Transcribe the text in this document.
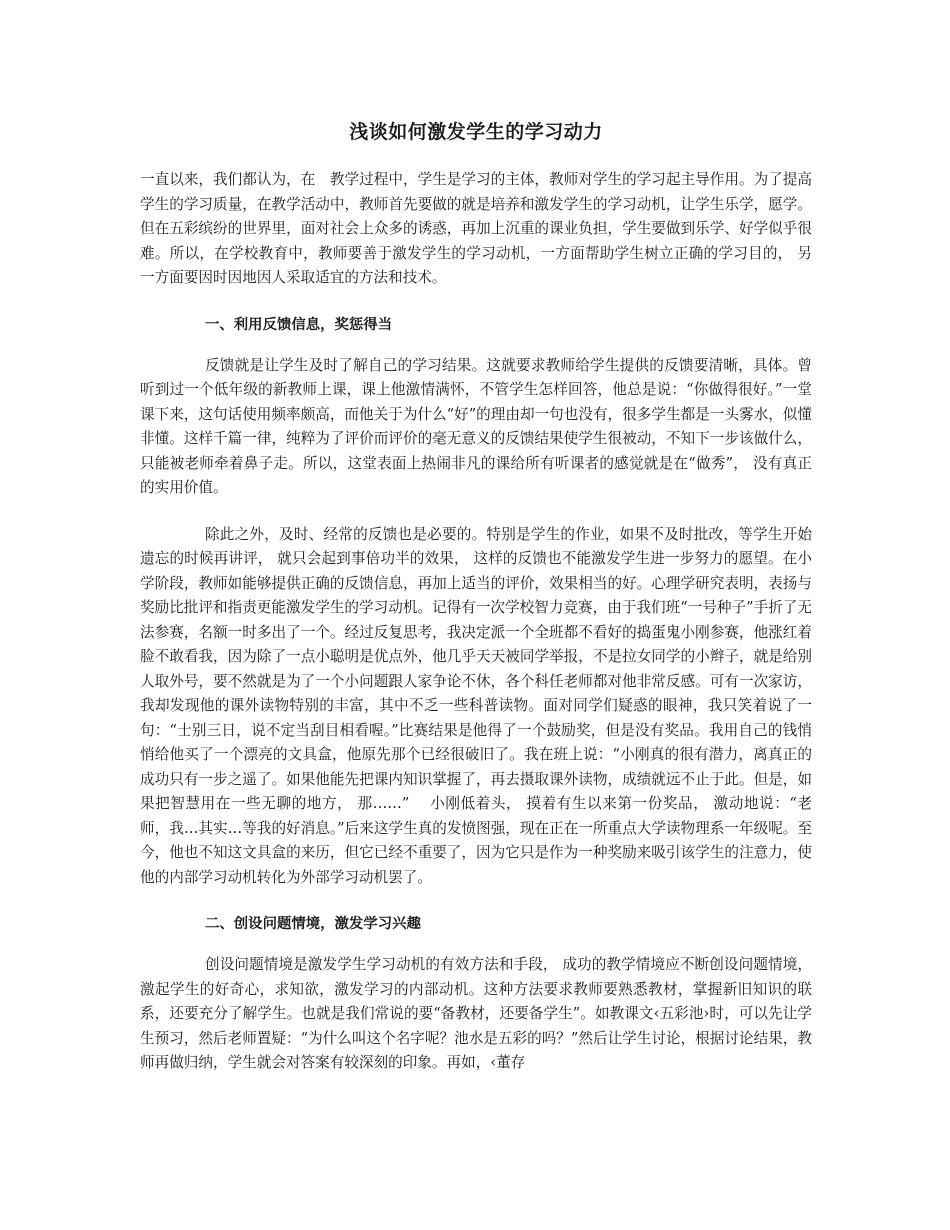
浅谈如何激发学生的学习动力

一直以来，我们都认为，在　教学过程中，学生是学习的主体，教师对学生的学习起主导作用。为了提高学生的学习质量，在教学活动中，教师首先要做的就是培养和激发学生的学习动机，让学生乐学，愿学。但在五彩缤纷的世界里，面对社会上众多的诱惑，再加上沉重的课业负担，学生要做到乐学、好学似乎很难。所以，在学校教育中，教师要善于激发学生的学习动机，一方面帮助学生树立正确的学习目的， 另一方面要因时因地因人采取适宜的方法和技术。

一、利用反馈信息，奖惩得当

反馈就是让学生及时了解自己的学习结果。这就要求教师给学生提供的反馈要清晰，具体。曾听到过一个低年级的新教师上课，课上他激情满怀，不管学生怎样回答，他总是说：“你做得很好。”一堂课下来，这句话使用频率颇高，而他关于为什么“好”的理由却一句也没有，很多学生都是一头雾水，似懂非懂。这样千篇一律，纯粹为了评价而评价的毫无意义的反馈结果使学生很被动，不知下一步该做什么，只能被老师牵着鼻子走。所以，这堂表面上热闹非凡的课给所有听课者的感觉就是在“做秀”， 没有真正的实用价值。

除此之外，及时、经常的反馈也是必要的。特别是学生的作业，如果不及时批改，等学生开始遗忘的时候再讲评， 就只会起到事倍功半的效果， 这样的反馈也不能激发学生进一步努力的愿望。在小学阶段，教师如能够提供正确的反馈信息，再加上适当的评价，效果相当的好。心理学研究表明，表扬与奖励比批评和指责更能激发学生的学习动机。记得有一次学校智力竞赛，由于我们班“一号种子”手折了无法参赛，名额一时多出了一个。经过反复思考，我决定派一个全班都不看好的捣蛋鬼小刚参赛，他涨红着脸不敢看我，因为除了一点小聪明是优点外，他几乎天天被同学举报，不是拉女同学的小辫子，就是给别人取外号，要不然就是为了一个小问题跟人家争论不休，各个科任老师都对他非常反感。可有一次家访，我却发现他的课外读物特别的丰富，其中不乏一些科普读物。面对同学们疑惑的眼神，我只笑着说了一句：“士别三日，说不定当刮目相看喔。”比赛结果是他得了一个鼓励奖，但是没有奖品。我用自己的钱悄悄给他买了一个漂亮的文具盒，他原先那个已经很破旧了。我在班上说：“小刚真的很有潜力，离真正的成功只有一步之遥了。如果他能先把课内知识掌握了，再去摄取课外读物，成绩就远不止于此。但是，如果把智慧用在一些无聊的地方， 那……”　 小刚低着头， 摸着有生以来第一份奖品， 激动地说：“老师，我…其实…等我的好消息。”后来这学生真的发愤图强，现在正在一所重点大学读物理系一年级呢。至今，他也不知这文具盒的来历，但它已经不重要了，因为它只是作为一种奖励来吸引该学生的注意力，使他的内部学习动机转化为外部学习动机罢了。

二、创设问题情境，激发学习兴趣

创设问题情境是激发学生学习动机的有效方法和手段， 成功的教学情境应不断创设问题情境，激起学生的好奇心，求知欲，激发学习的内部动机。这种方法要求教师要熟悉教材，掌握新旧知识的联系，还要充分了解学生。也就是我们常说的要“备教材，还要备学生”。如教课文‹五彩池›时，可以先让学生预习，然后老师置疑：“为什么叫这个名字呢？池水是五彩的吗？”然后让学生讨论，根据讨论结果，教师再做归纳，学生就会对答案有较深刻的印象。再如，‹董存
